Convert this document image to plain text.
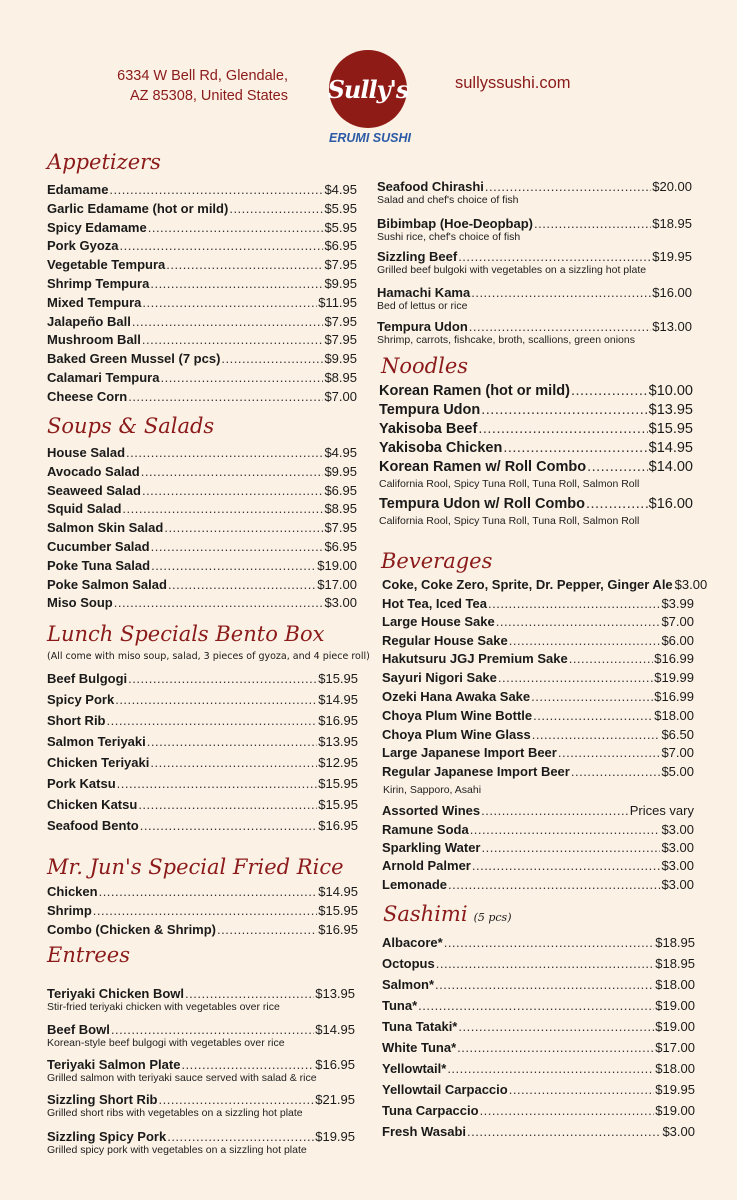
6334 W Bell Rd, Glendale,
AZ 85308, United States Sully's
ERUMI SUSHI
sullyssushi.com
Appetizers
Edamame .....	$4.95
Garlic Edamame (hot or mild) .....	$5.95
Spicy Edamame .....	$5.95
Pork Gyoza .....	$6.95
Vegetable Tempura .....	$7.95
Shrimp Tempura .....	$9.95
Mixed Tempura .....	$11.95
Jalapeño Ball .....	$7.95
Mushroom Ball .....	$7.95
Baked Green Mussel (7 pcs) .....	$9.95
Calamari Tempura .....	$8.95
Cheese Corn .....	$7.00
Soups & Salads
House Salad .....	$4.95
Avocado Salad .....	$9.95
Seaweed Salad .....	$6.95
Squid Salad .....	$8.95
Salmon Skin Salad .....	$7.95
Cucumber Salad .....	$6.95
Poke Tuna Salad .....	$19.00
Poke Salmon Salad .....	$17.00
Miso Soup .....	$3.00
Lunch Specials Bento Box
(All come with miso soup, salad, 3 pieces of gyoza, and 4 piece roll)
Beef Bulgogi .....	$15.95
Spicy Pork .....	$14.95
Short Rib .....	$16.95
Salmon Teriyaki .....	$13.95
Chicken Teriyaki .....	$12.95
Pork Katsu .....	$15.95
Chicken Katsu .....	$15.95
Seafood Bento .....	$16.95
Mr. Jun's Special Fried Rice
Chicken .....	$14.95
Shrimp .....	$15.95
Combo (Chicken & Shrimp) .....	$16.95
Entrees
Teriyaki Chicken Bowl .....	$13.95
Stir-fried teriyaki chicken with vegetables over rice
Beef Bowl .....	$14.95
Korean-style beef bulgogi with vegetables over rice
Teriyaki Salmon Plate .....	$16.95
Grilled salmon with teriyaki sauce served with salad & rice
Sizzling Short Rib .....	$21.95
Grilled short ribs with vegetables on a sizzling hot plate
Sizzling Spicy Pork .....	$19.95
Grilled spicy pork with vegetables on a sizzling hot plate
Seafood Chirashi .....	$20.00
Salad and chef's choice of fish
Bibimbap (Hoe-Deopbap) .....	$18.95
Sushi rice, chef's choice of fish
Sizzling Beef .....	$19.95
Grilled beef bulgoki with vegetables on a sizzling hot plate
Hamachi Kama .....	$16.00
Bed of lettus or rice
Tempura Udon .....	$13.00
Shrimp, carrots, fishcake, broth, scallions, green onions
Noodles
Korean Ramen (hot or mild) .....	$10.00
Tempura Udon .....	$13.95
Yakisoba Beef .....	$15.95
Yakisoba Chicken .....	$14.95
Korean Ramen w/ Roll Combo .....	$14.00
California Rool, Spicy Tuna Roll, Tuna Roll, Salmon Roll
Tempura Udon w/ Roll Combo .....	$16.00
California Rool, Spicy Tuna Roll, Tuna Roll, Salmon Roll
Beverages
Coke, Coke Zero, Sprite, Dr. Pepper, Ginger Ale $3.00
Hot Tea, Iced Tea .....	$3.99
Large House Sake .....	$7.00
Regular House Sake .....	$6.00
Hakutsuru JGJ Premium Sake .....	$16.99
Sayuri Nigori Sake .....	$19.99
Ozeki Hana Awaka Sake .....	$16.99
Choya Plum Wine Bottle .....	$18.00
Choya Plum Wine Glass .....	$6.50
Large Japanese Import Beer .....	$7.00
Regular Japanese Import Beer .....	$5.00
Assorted Wines .....	Prices vary
Ramune Soda .....	$3.00
Sparkling Water .....	$3.00
Arnold Palmer .....	$3.00
Lemonade .....	$3.00
Kirin, Sapporo, Asahi
Sashimi (5 pcs)
Albacore* .....	$18.95
Octopus .....	$18.95
Salmon* .....	$18.00
Tuna* .....	$19.00
Tuna Tataki* .....	$19.00
White Tuna* .....	$17.00
Yellowtail* .....	$18.00
Yellowtail Carpaccio .....	$19.95
Tuna Carpaccio .....	$19.00
Fresh Wasabi .....	$3.00
